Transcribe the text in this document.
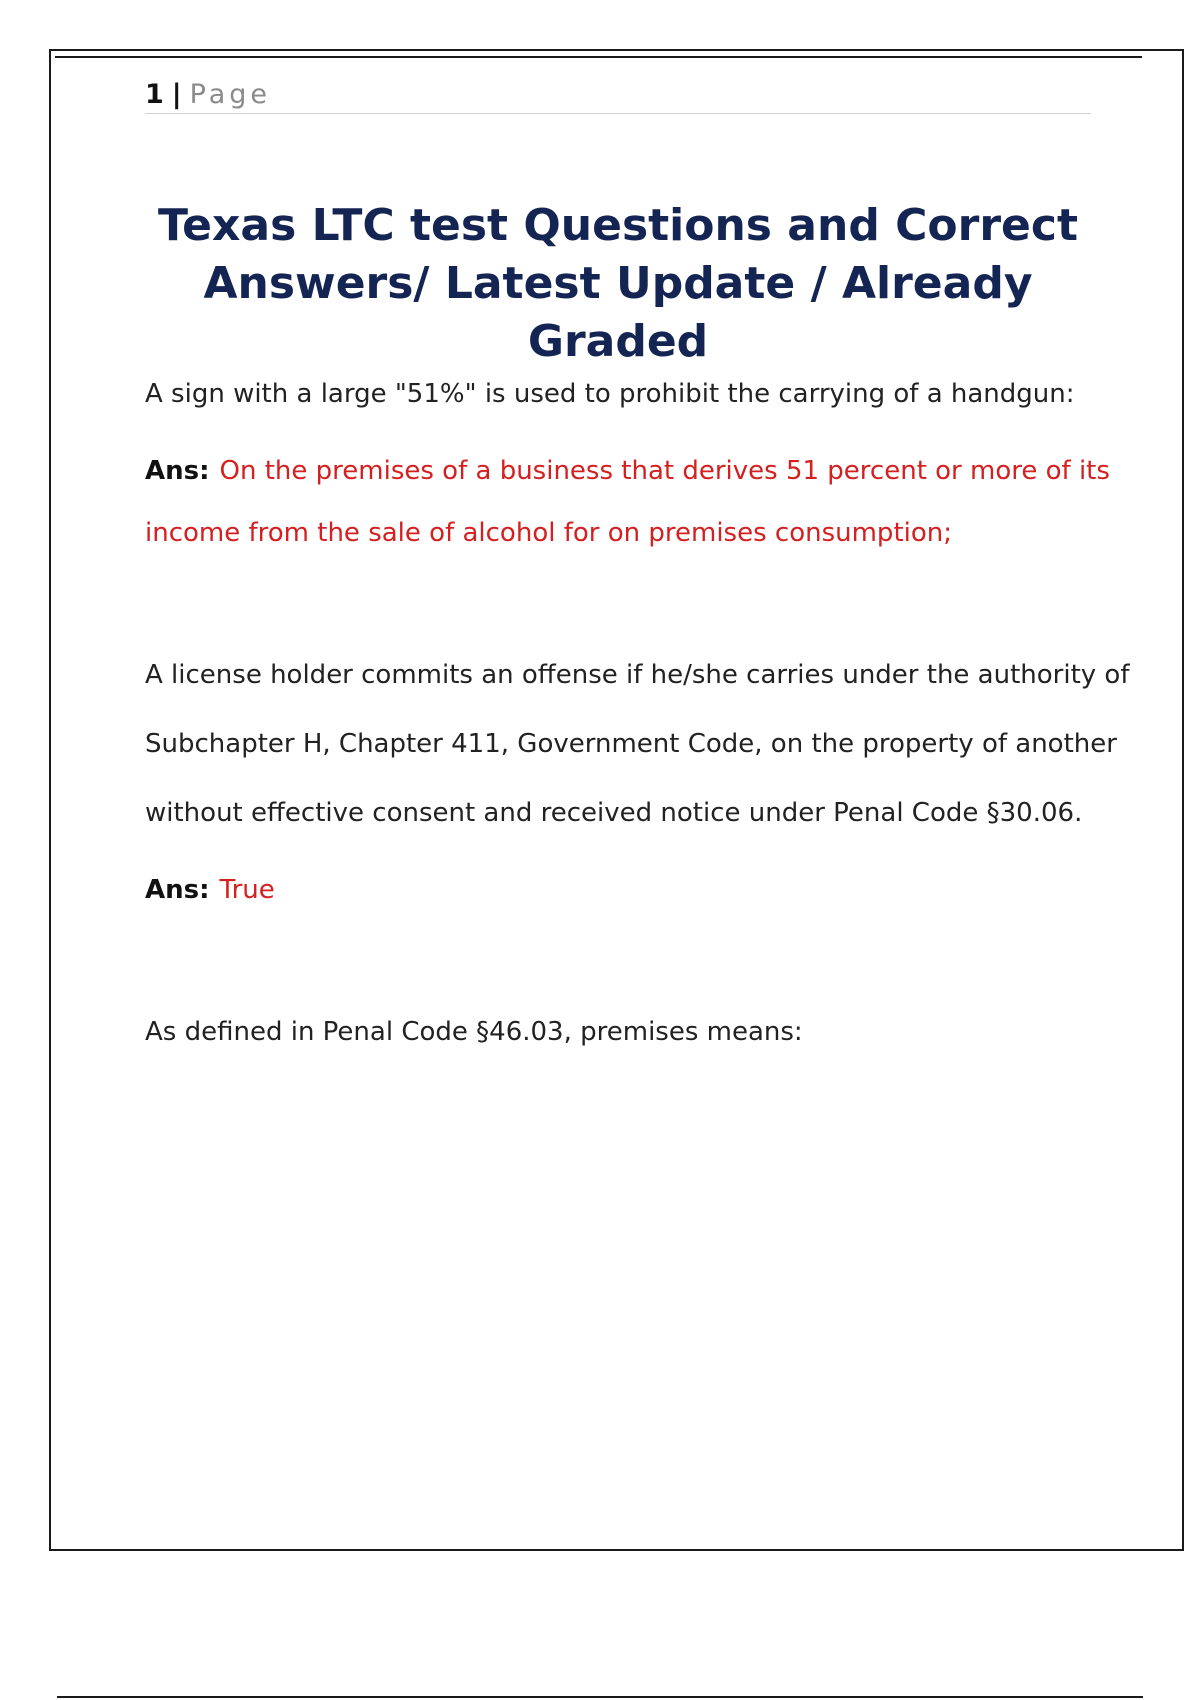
1 | Page
Texas LTC test Questions and Correct Answers/ Latest Update / Already Graded

A sign with a large "51%" is used to prohibit the carrying of a handgun:

Ans: On the premises of a business that derives 51 percent or more of its income from the sale of alcohol for on premises consumption;

A license holder commits an offense if he/she carries under the authority of Subchapter H, Chapter 411, Government Code, on the property of another without effective consent and received notice under Penal Code §30.06.

Ans: True

As defined in Penal Code §46.03, premises means:
